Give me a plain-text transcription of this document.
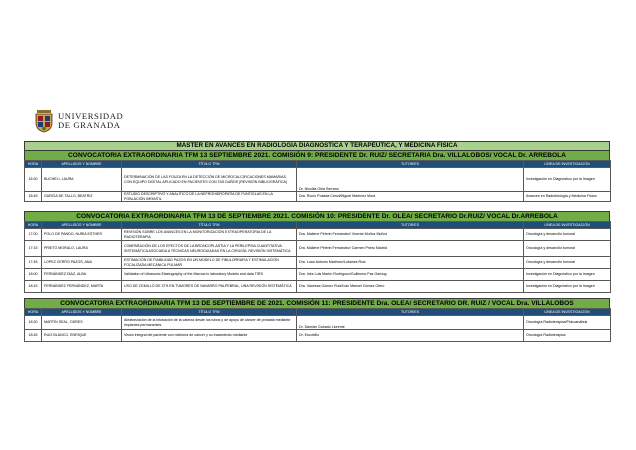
UNIVERSIDAD
DE GRANADA
MÁSTER EN AVANCES EN RADIOLOGÍA DIAGNÓSTICA Y TERAPÉUTICA, Y MEDICINA FÍSICA
CONVOCATORIA EXTRAORDINARIA TFM 13 SEPTIEMBRE 2021. COMISIÓN 9: PRESIDENTE Dr. RUIZ/ SECRETARIA Dra. VILLALOBOS/ VOCAL Dr. ARREBOLA
HORA	APELLIDOS Y NOMBRE	TÍTULO TFM	TUTOR/ES	LÍNEA DE INVESTIGACIÓN
16:30	BUCHELI, LAURA	DETERMINACIÓN DE LAS FOUZA EN LA DETECCIÓN DE MICROCALCIFICACIONES MAMARIAS. CON EQUIPO DIGITAL APLICADO EN PACIENTES CON TAS DAÑOS (REVISIÓN BIBLIOGRÁFICA)	Dr. Nicolás Olea Serrano	Investigación en Diagnóstico por la Imagen
16:45	GARCÍA DE TALLO, BEATRIZ	ESTUDIO DESCRIPTIVO Y ANALÍTICO DE LA NEFROHIDROPATÍA DE FUNTIGLAS EN LA POBLACIÓN INFANTIL	Dra. Rocío Posada Cenzi/Miguel Martínez Mora	Avances en Radiobiología y Medicina Física
CONVOCATORIA EXTRAORDINARIA TFM 13 DE SEPTIEMBRE 2021. COMISIÓN 10: PRESIDENTE Dr. OLEA/ SECRETARIO Dr.RUIZ/ VOCAL Dr.ARREBOLA
HORA	APELLIDOS Y NOMBRE	TÍTULO TFM	TUTOR/ES	LÍNEA DE INVESTIGACIÓN
17:00	POLO DE PANDO, NURIA ESTHER	REVISIÓN SOBRE LOS AVANCES EN LA MONITORIZACIÓN EXTRAOPERATORIA DE LA RADIOTERAPIA	Dra. Mailene Pélerin Fernández/ Vicente Muñoz Muñoz	Oncología y desarrollo tumoral
17:15	PRIETO MORALO, LAURA	COMPARACIÓN DE LOS EFECTOS DE LA BRONCOPLASTIA Y LA PERILEPSIA CUANTITATIVA SISTEMÁTICA ASOCIADA A TÉCNICAS NEUROGUIADAS EN LA CIRUGÍA: REVISIÓN SISTEMÁTICA	Dra. Mailene Pélerin Fernández/ Carmen Prieto Madrid	Oncología y desarrollo tumoral
17:45	LOPEZ CERRO PAZOS, ANA	ESTIMACIÓN DE FIABILIDAD PAZOS EN UN MODELO DE FIBULORRAFIA Y ESTIMULACIÓN FOCALIZADA MECÁNICA PULMAR	Dra. Luan Antonio Martínez/Lubanes Ruiz	Oncología y desarrollo tumoral
18:00	FERNÁNDEZ DÍAZ, ALBA	Validation of Ultrasonic Elastography of the Marrow in laboratory Models and data TIRS	Dra. Inés Luis Martín Rodríguez/Guillermo Paz Garbog	Investigación en Diagnóstico por la Imagen
18:15	FERNÁNDEZ FERNÁNDEZ, MARTA	USO DE CEMILLO DE 3TH EN TUMORES DE NAVARRO PALPEBRAL, UNA REVISIÓN SISTEMÁTICA	Dra. Vanessa Gómez Ruiz/Iván Manuel Gómez Otero	Investigación en Diagnóstico por la Imagen
CONVOCATORIA EXTRAORDINARIA TFM 13 DE SEPTIEMBRE DE 2021. COMISIÓN 11: PRESIDENTE Dra. OLEA/ SECRETARIO DR. RUIZ / VOCAL Dra. VILLALOBOS
HORA	APELLIDOS Y NOMBRE	TÍTULO TFM	TUTOR/ES	LÍNEA DE INVESTIGACIÓN
18:30	MARTÍN SEAL, ODRES	Aleatorización de la intubación de la cabeza desde los tubos y de apoyo de cáncer de próstata mediante implantes permanentes	Dr. Damián Guirado Llorente	Oncología Radioterápica/Psicoanálisis
18:45	RUIZ BLANCO, ENRIQUE	Visión integral del paciente con mieloma de cáncer y su tratamiento mediante	Dr. Escobillo	Oncología Radioterápica
